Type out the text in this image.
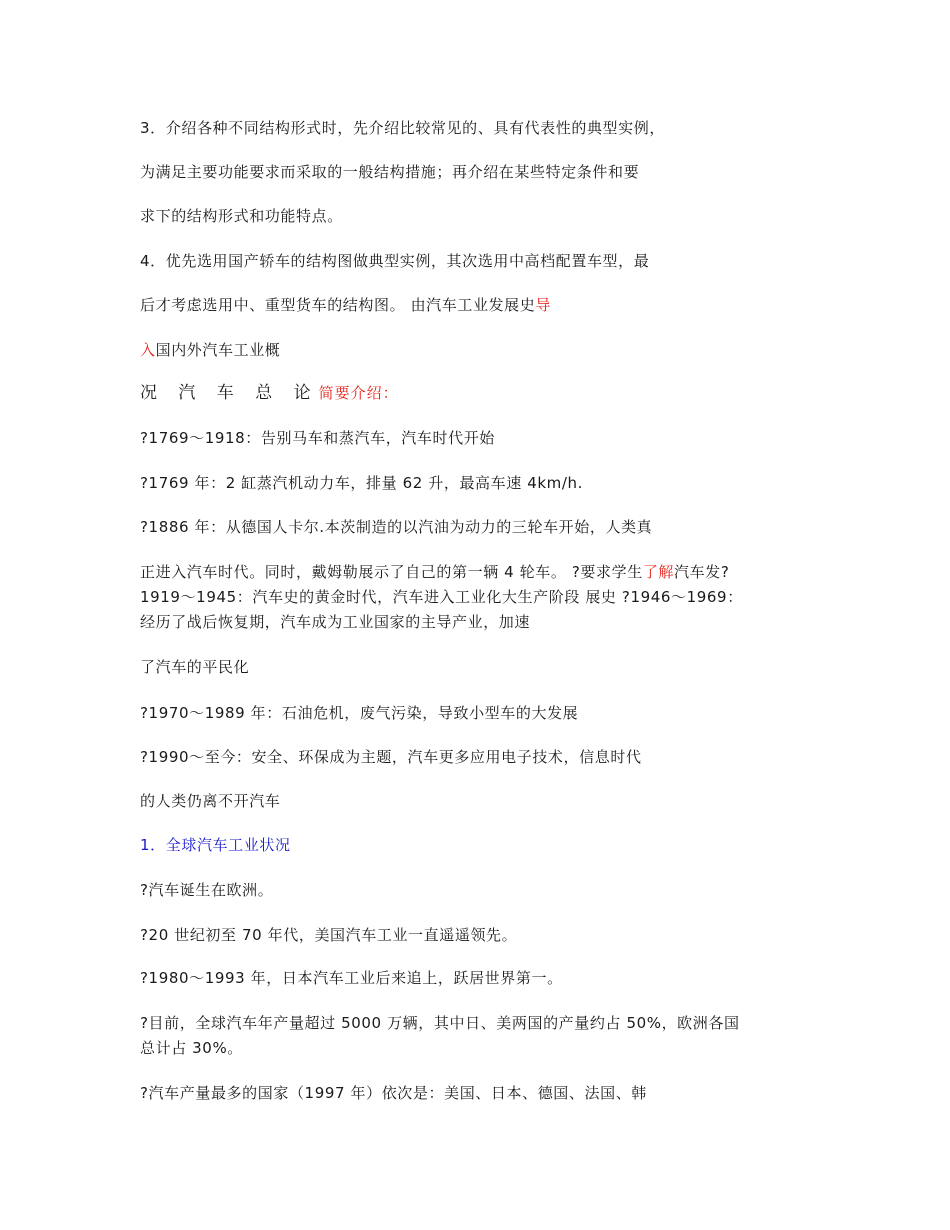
3．介绍各种不同结构形式时，先介绍比较常见的、具有代表性的典型实例，
为满足主要功能要求而采取的一般结构措施；再介绍在某些特定条件和要
求下的结构形式和功能特点。
4．优先选用国产轿车的结构图做典型实例，其次选用中高档配置车型，最
后才考虑选用中、重型货车的结构图。 由汽车工业发展史导
入国内外汽车工业概
况 汽 车 总 论简要介绍：
?1769～1918：告别马车和蒸汽车，汽车时代开始
?1769 年：2 缸蒸汽机动力车，排量 62 升，最高车速 4km/h.
?1886 年：从德国人卡尔.本茨制造的以汽油为动力的三轮车开始，人类真
正进入汽车时代。同时，戴姆勒展示了自己的第一辆 4 轮车。 ?要求学生了解汽车发?
1919～1945：汽车史的黄金时代，汽车进入工业化大生产阶段 展史 ?1946～1969：
经历了战后恢复期，汽车成为工业国家的主导产业，加速
了汽车的平民化
?1970～1989 年：石油危机，废气污染，导致小型车的大发展
?1990～至今：安全、环保成为主题，汽车更多应用电子技术，信息时代
的人类仍离不开汽车
1．全球汽车工业状况
?汽车诞生在欧洲。
?20 世纪初至 70 年代，美国汽车工业一直遥遥领先。
?1980～1993 年，日本汽车工业后来追上，跃居世界第一。
?目前，全球汽车年产量超过 5000 万辆，其中日、美两国的产量约占 50%，欧洲各国
总计占 30%。
?汽车产量最多的国家（1997 年）依次是：美国、日本、德国、法国、韩
